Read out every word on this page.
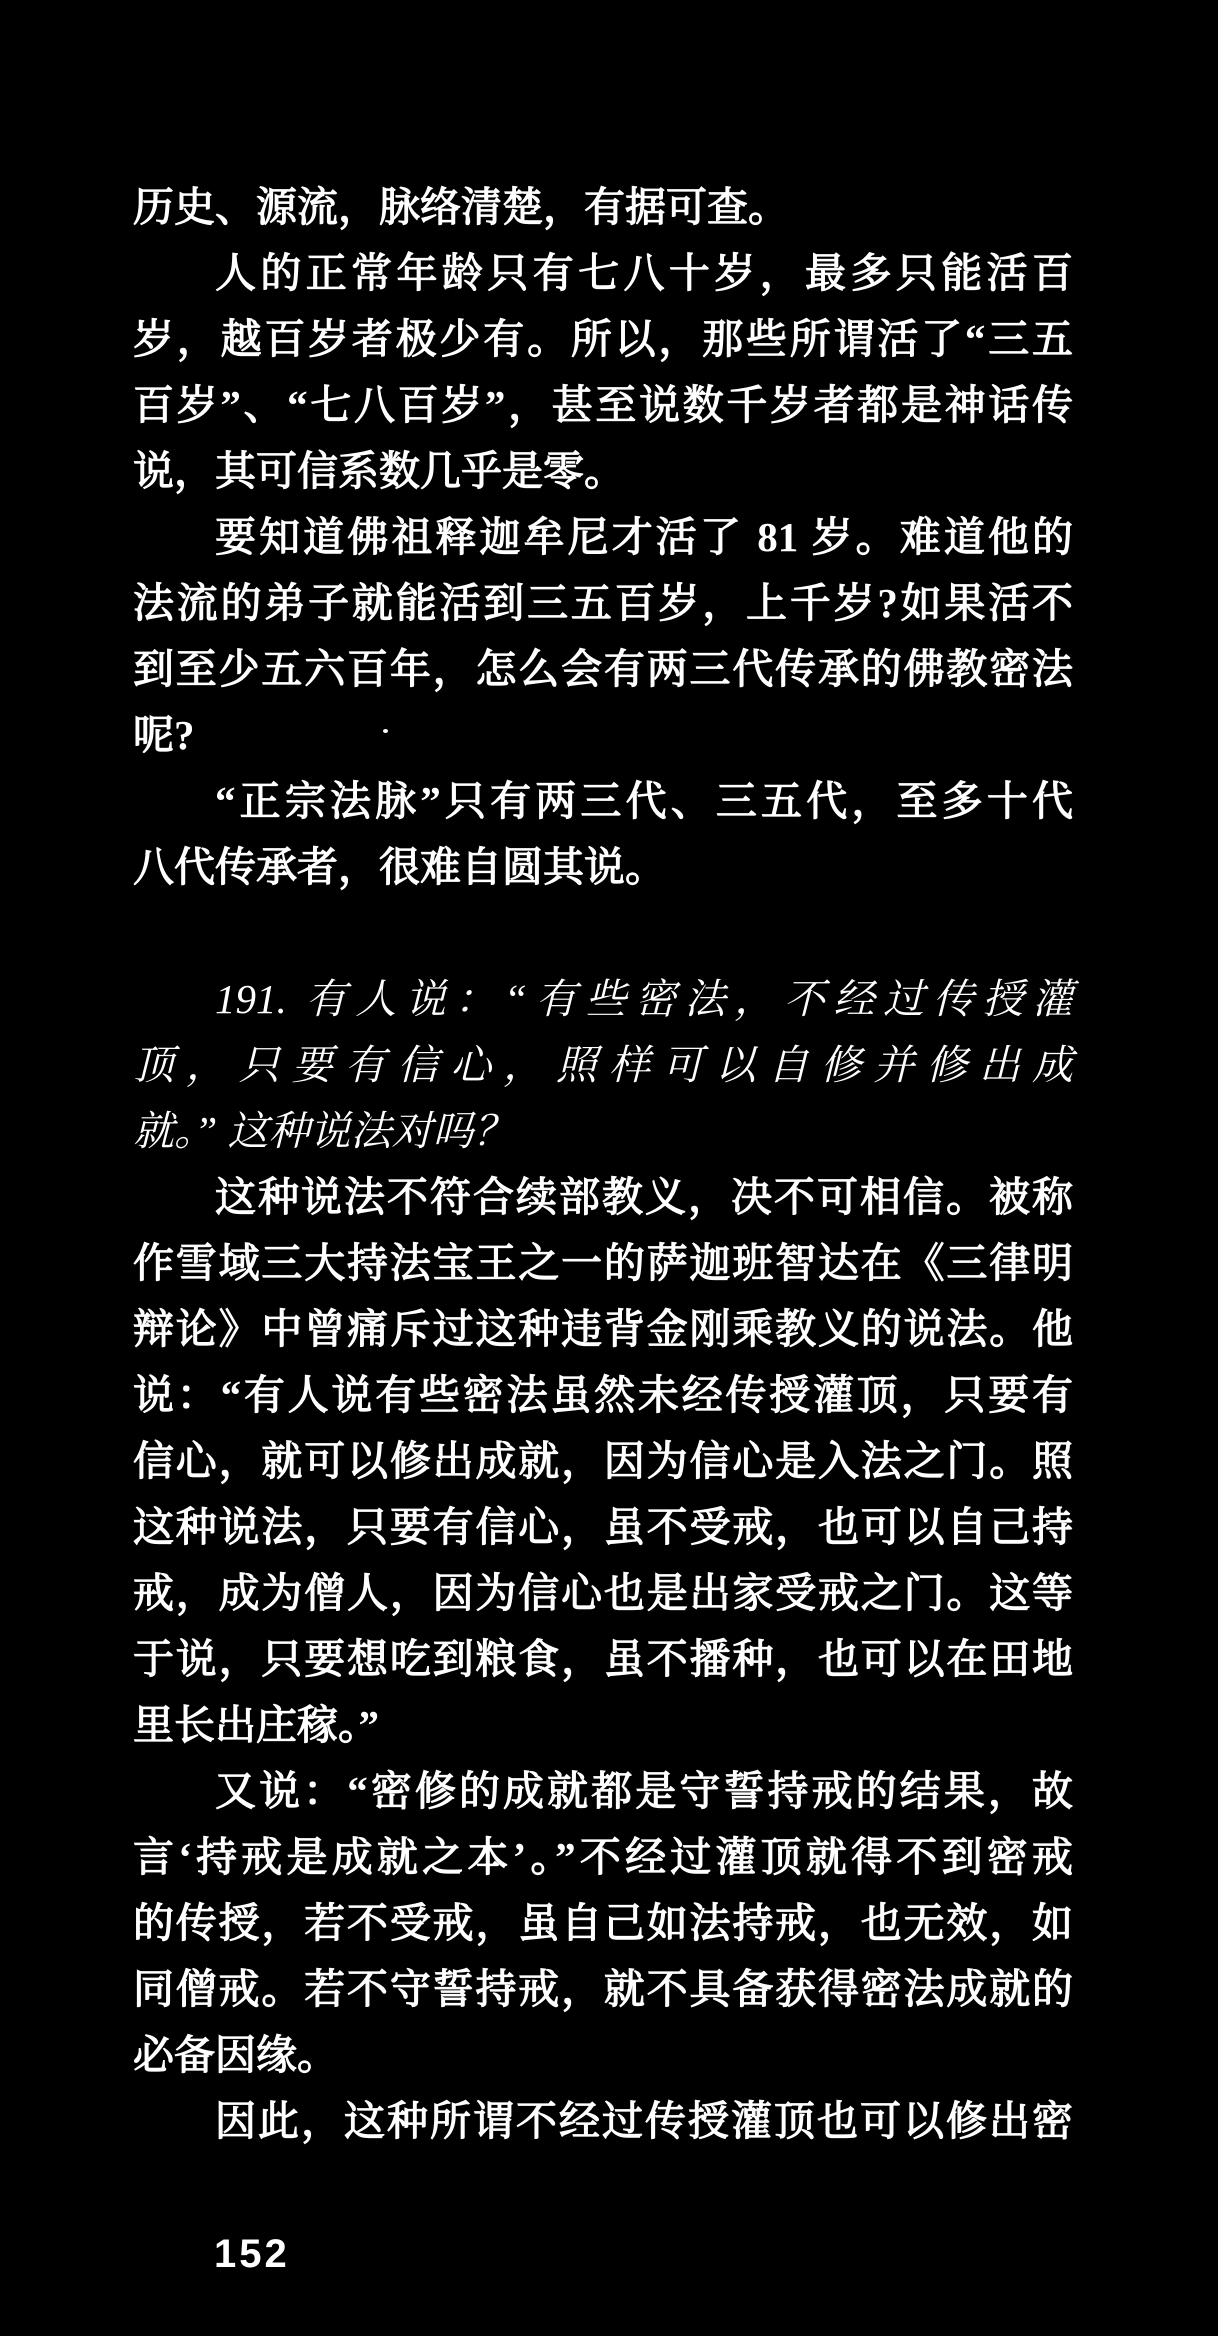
历史、源流，脉络清楚，有据可查。

人的正常年龄只有七八十岁，最多只能活百

岁，越百岁者极少有。所以，那些所谓活了“三五

百岁”、“七八百岁”，甚至说数千岁者都是神话传

说，其可信系数几乎是零。

要知道佛祖释迦牟尼才活了 81 岁。难道他的

法流的弟子就能活到三五百岁，上千岁?如果活不

到至少五六百年，怎么会有两三代传承的佛教密法

呢?

“正宗法脉”只有两三代、三五代，至多十代

八代传承者，很难自圆其说。

191. 有人说：“有些密法，不经过传授灌

顶，只要有信心，照样可以自修并修出成

就。” 这种说法对吗？

这种说法不符合续部教义，决不可相信。被称

作雪域三大持法宝王之一的萨迦班智达在《三律明

辩论》中曾痛斥过这种违背金刚乘教义的说法。他

说：“有人说有些密法虽然未经传授灌顶，只要有

信心，就可以修出成就，因为信心是入法之门。照

这种说法，只要有信心，虽不受戒，也可以自己持

戒，成为僧人，因为信心也是出家受戒之门。这等

于说，只要想吃到粮食，虽不播种，也可以在田地

里长出庄稼。”

又说：“密修的成就都是守誓持戒的结果，故

言‘持戒是成就之本’。”不经过灌顶就得不到密戒

的传授，若不受戒，虽自己如法持戒，也无效，如

同僧戒。若不守誓持戒，就不具备获得密法成就的

必备因缘。

因此，这种所谓不经过传授灌顶也可以修出密

152
